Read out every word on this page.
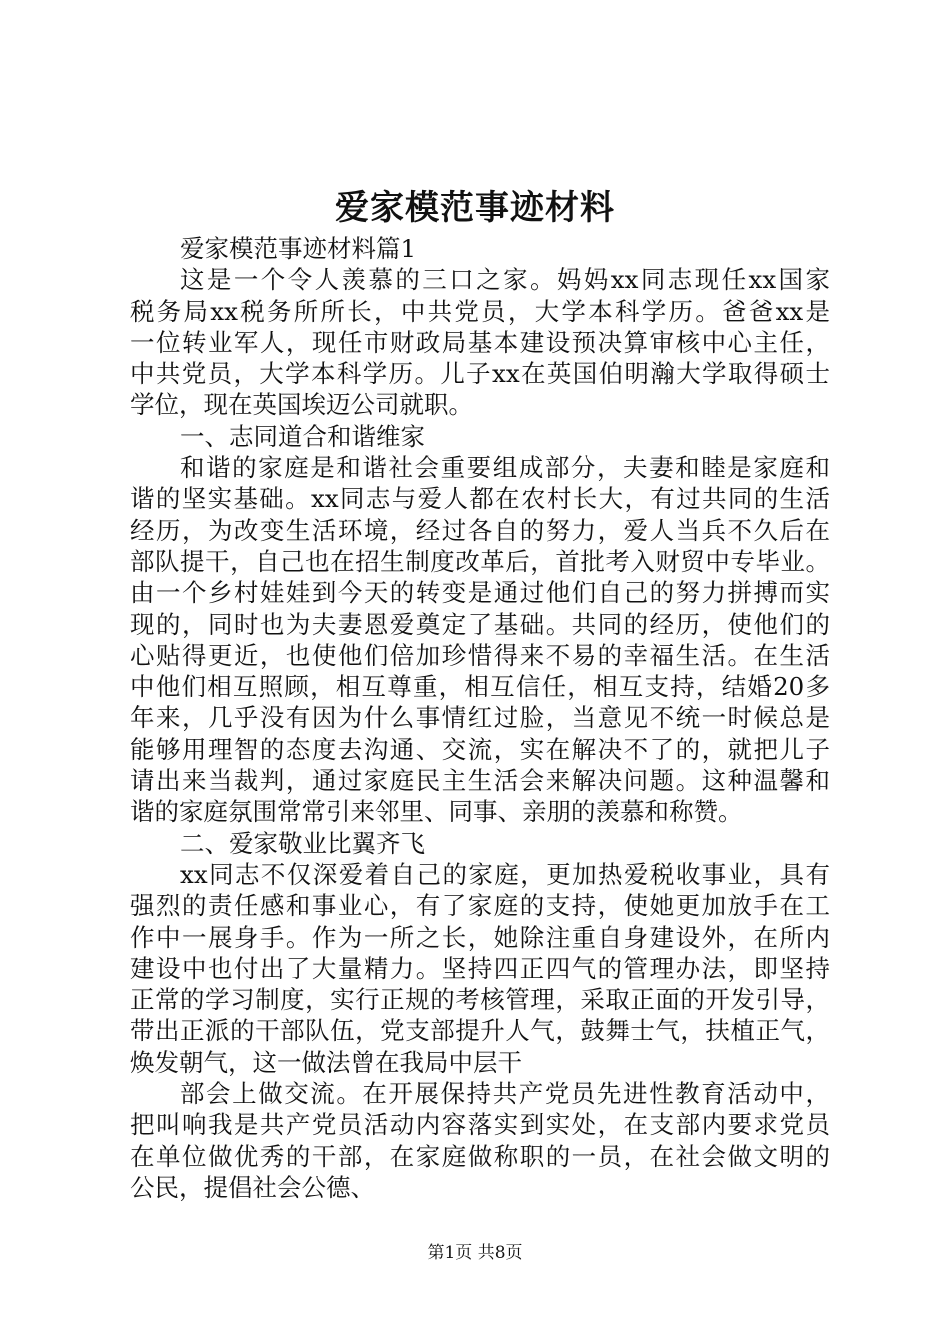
爱家模范事迹材料
爱家模范事迹材料篇1
这是一个令人羡慕的三口之家。妈妈xx同志现任xx国家
税务局xx税务所所长，中共党员，大学本科学历。爸爸xx是
一位转业军人，现任市财政局基本建设预决算审核中心主任，
中共党员，大学本科学历。儿子xx在英国伯明瀚大学取得硕士
学位，现在英国埃迈公司就职。
一、志同道合和谐维家
和谐的家庭是和谐社会重要组成部分，夫妻和睦是家庭和
谐的坚实基础。xx同志与爱人都在农村长大，有过共同的生活
经历，为改变生活环境，经过各自的努力，爱人当兵不久后在
部队提干，自己也在招生制度改革后，首批考入财贸中专毕业。
由一个乡村娃娃到今天的转变是通过他们自己的努力拼搏而实
现的，同时也为夫妻恩爱奠定了基础。共同的经历，使他们的
心贴得更近，也使他们倍加珍惜得来不易的幸福生活。在生活
中他们相互照顾，相互尊重，相互信任，相互支持，结婚20多
年来，几乎没有因为什么事情红过脸，当意见不统一时候总是
能够用理智的态度去沟通、交流，实在解决不了的，就把儿子
请出来当裁判，通过家庭民主生活会来解决问题。这种温馨和
谐的家庭氛围常常引来邻里、同事、亲朋的羡慕和称赞。
二、爱家敬业比翼齐飞
xx同志不仅深爱着自己的家庭，更加热爱税收事业，具有
强烈的责任感和事业心，有了家庭的支持，使她更加放手在工
作中一展身手。作为一所之长，她除注重自身建设外，在所内
建设中也付出了大量精力。坚持四正四气的管理办法，即坚持
正常的学习制度，实行正规的考核管理，采取正面的开发引导，
带出正派的干部队伍，党支部提升人气，鼓舞士气，扶植正气，
焕发朝气，这一做法曾在我局中层干
部会上做交流。在开展保持共产党员先进性教育活动中，
把叫响我是共产党员活动内容落实到实处，在支部内要求党员
在单位做优秀的干部，在家庭做称职的一员，在社会做文明的
公民，提倡社会公德、
第1页 共8页
